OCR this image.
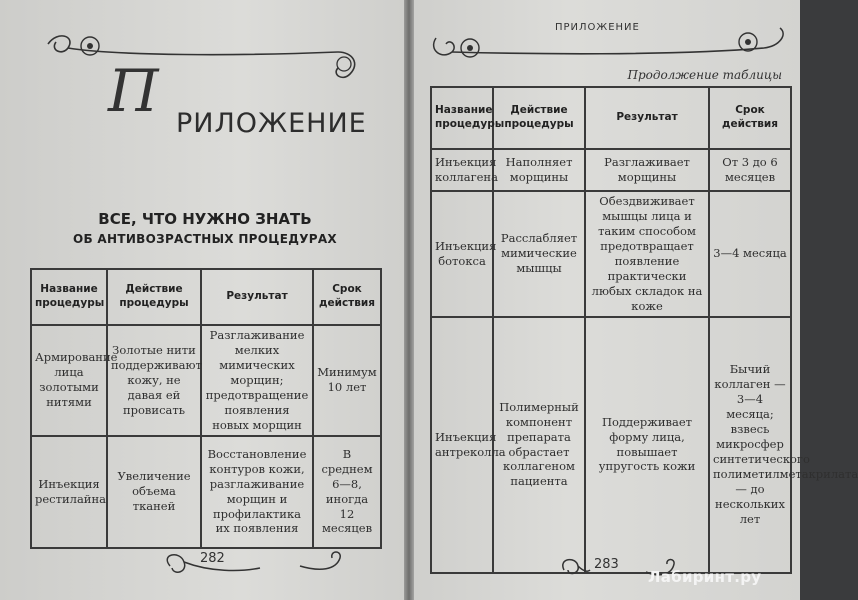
П РИЛОЖЕНИЕ
ВСЕ, ЧТО НУЖНО ЗНАТЬ
ОБ АНТИВОЗРАСТНЫХ ПРОЦЕДУРАХ
Название процедуры	Действие процедуры	Результат	Срок действия
Армирование лица золотыми нитями	Золотые нити поддерживают кожу, не давая ей провисать	Разглаживание мелких мимических морщин; предотвращение появления новых морщин	Минимум 10 лет
Инъекция рестилайна	Увеличение объема тканей	Восстановление контуров кожи, разглаживание морщин и профилактика их появления	В среднем 6—8, иногда 12 месяцев
282
ПРИЛОЖЕНИЕ
Продолжение таблицы
Название процедуры	Действие процедуры	Результат	Срок действия
Инъекция коллагена	Наполняет морщины	Разглаживает морщины	От 3 до 6 месяцев
Инъекция ботокса	Расслабляет мимические мышцы	Обездвиживает мышцы лица и таким способом предотвращает появление практически любых складок на коже	3—4 месяца
Инъекция антреколла	Полимерный компонент препарата обрастает коллагеном пациента	Поддерживает форму лица, повышает упругость кожи	Бычий коллаген — 3—4 месяца; взвесь микросфер синтетического полиметилметакрилата — до нескольких лет
283
Лабиринт.ру
